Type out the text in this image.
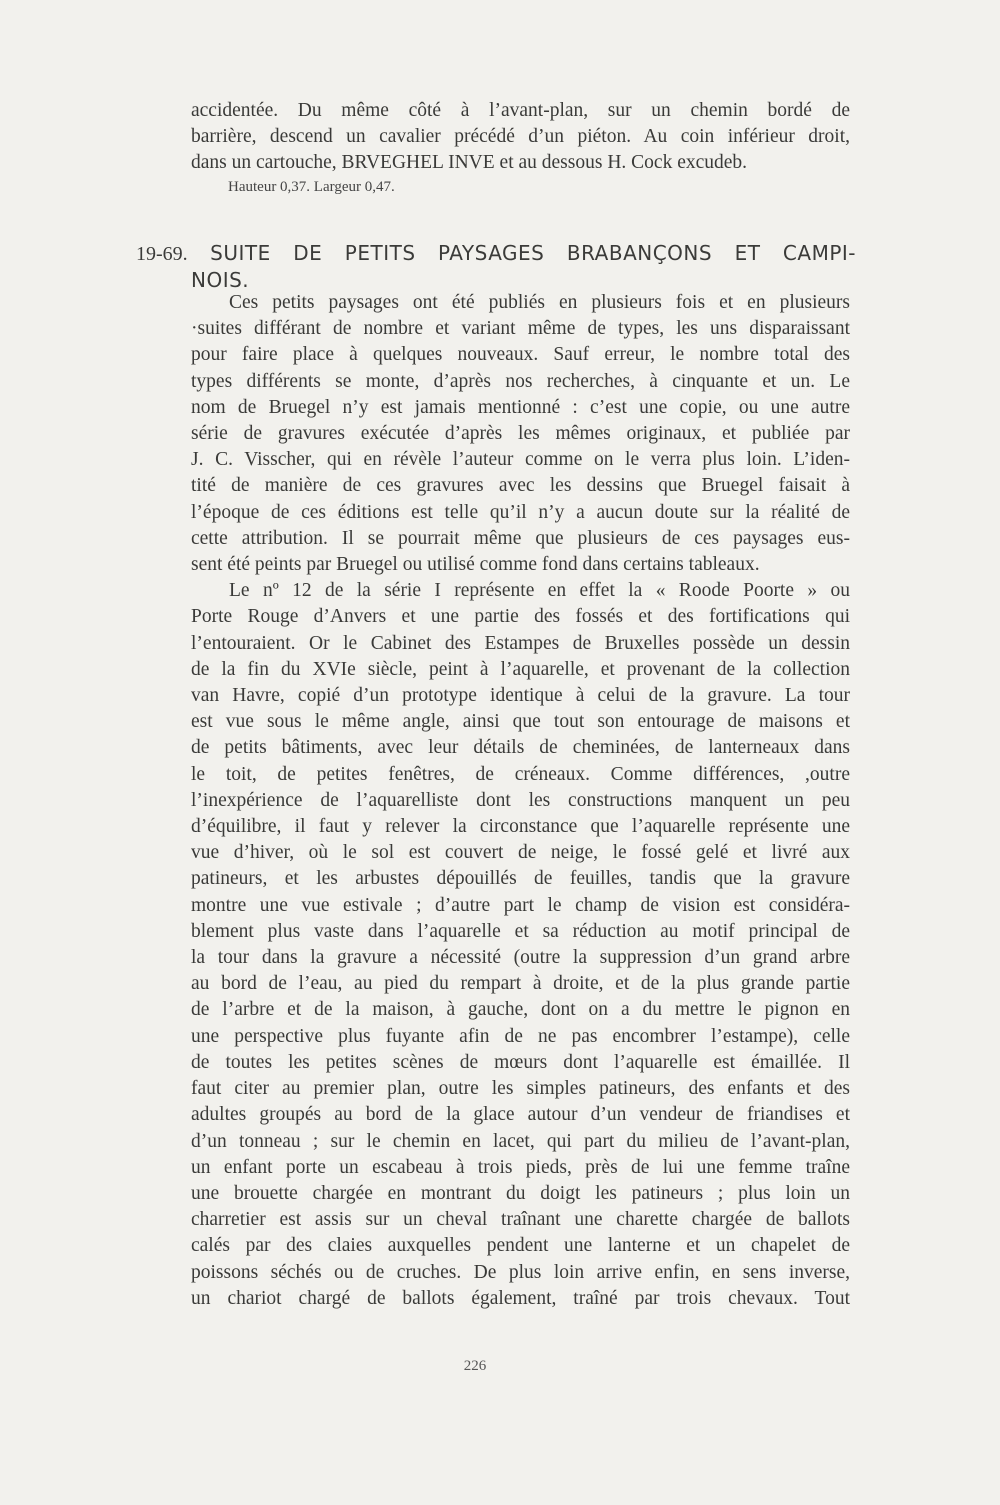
accidentée. Du même côté à l’avant-plan, sur un chemin bordé de
barrière, descend un cavalier précédé d’un piéton. Au coin inférieur droit,
dans un cartouche, BRVEGHEL INVE et au dessous H. Cock excudeb.
Hauteur 0,37. Largeur 0,47.
19-69. SUITE DE PETITS PAYSAGES BRABANÇONS ET CAMPI-
NOIS.
Ces petits paysages ont été publiés en plusieurs fois et en plusieurs
·suites différant de nombre et variant même de types, les uns disparaissant
pour faire place à quelques nouveaux. Sauf erreur, le nombre total des
types différents se monte, d’après nos recherches, à cinquante et un. Le
nom de Bruegel n’y est jamais mentionné : c’est une copie, ou une autre
série de gravures exécutée d’après les mêmes originaux, et publiée par
J. C. Visscher, qui en révèle l’auteur comme on le verra plus loin. L’iden-
tité de manière de ces gravures avec les dessins que Bruegel faisait à
l’époque de ces éditions est telle qu’il n’y a aucun doute sur la réalité de
cette attribution. Il se pourrait même que plusieurs de ces paysages eus-
sent été peints par Bruegel ou utilisé comme fond dans certains tableaux.
Le nº 12 de la série I représente en effet la « Roode Poorte » ou
Porte Rouge d’Anvers et une partie des fossés et des fortifications qui
l’entouraient. Or le Cabinet des Estampes de Bruxelles possède un dessin
de la fin du XVIe siècle, peint à l’aquarelle, et provenant de la collection
van Havre, copié d’un prototype identique à celui de la gravure. La tour
est vue sous le même angle, ainsi que tout son entourage de maisons et
de petits bâtiments, avec leur détails de cheminées, de lanterneaux dans
le toit, de petites fenêtres, de créneaux. Comme différences, ,outre
l’inexpérience de l’aquarelliste dont les constructions manquent un peu
d’équilibre, il faut y relever la circonstance que l’aquarelle représente une
vue d’hiver, où le sol est couvert de neige, le fossé gelé et livré aux
patineurs, et les arbustes dépouillés de feuilles, tandis que la gravure
montre une vue estivale ; d’autre part le champ de vision est considéra-
blement plus vaste dans l’aquarelle et sa réduction au motif principal de
la tour dans la gravure a nécessité (outre la suppression d’un grand arbre
au bord de l’eau, au pied du rempart à droite, et de la plus grande partie
de l’arbre et de la maison, à gauche, dont on a du mettre le pignon en
une perspective plus fuyante afin de ne pas encombrer l’estampe), celle
de toutes les petites scènes de mœurs dont l’aquarelle est émaillée. Il
faut citer au premier plan, outre les simples patineurs, des enfants et des
adultes groupés au bord de la glace autour d’un vendeur de friandises et
d’un tonneau ; sur le chemin en lacet, qui part du milieu de l’avant-plan,
un enfant porte un escabeau à trois pieds, près de lui une femme traîne
une brouette chargée en montrant du doigt les patineurs ; plus loin un
charretier est assis sur un cheval traînant une charette chargée de ballots
calés par des claies auxquelles pendent une lanterne et un chapelet de
poissons séchés ou de cruches. De plus loin arrive enfin, en sens inverse,
un chariot chargé de ballots également, traîné par trois chevaux. Tout
226
